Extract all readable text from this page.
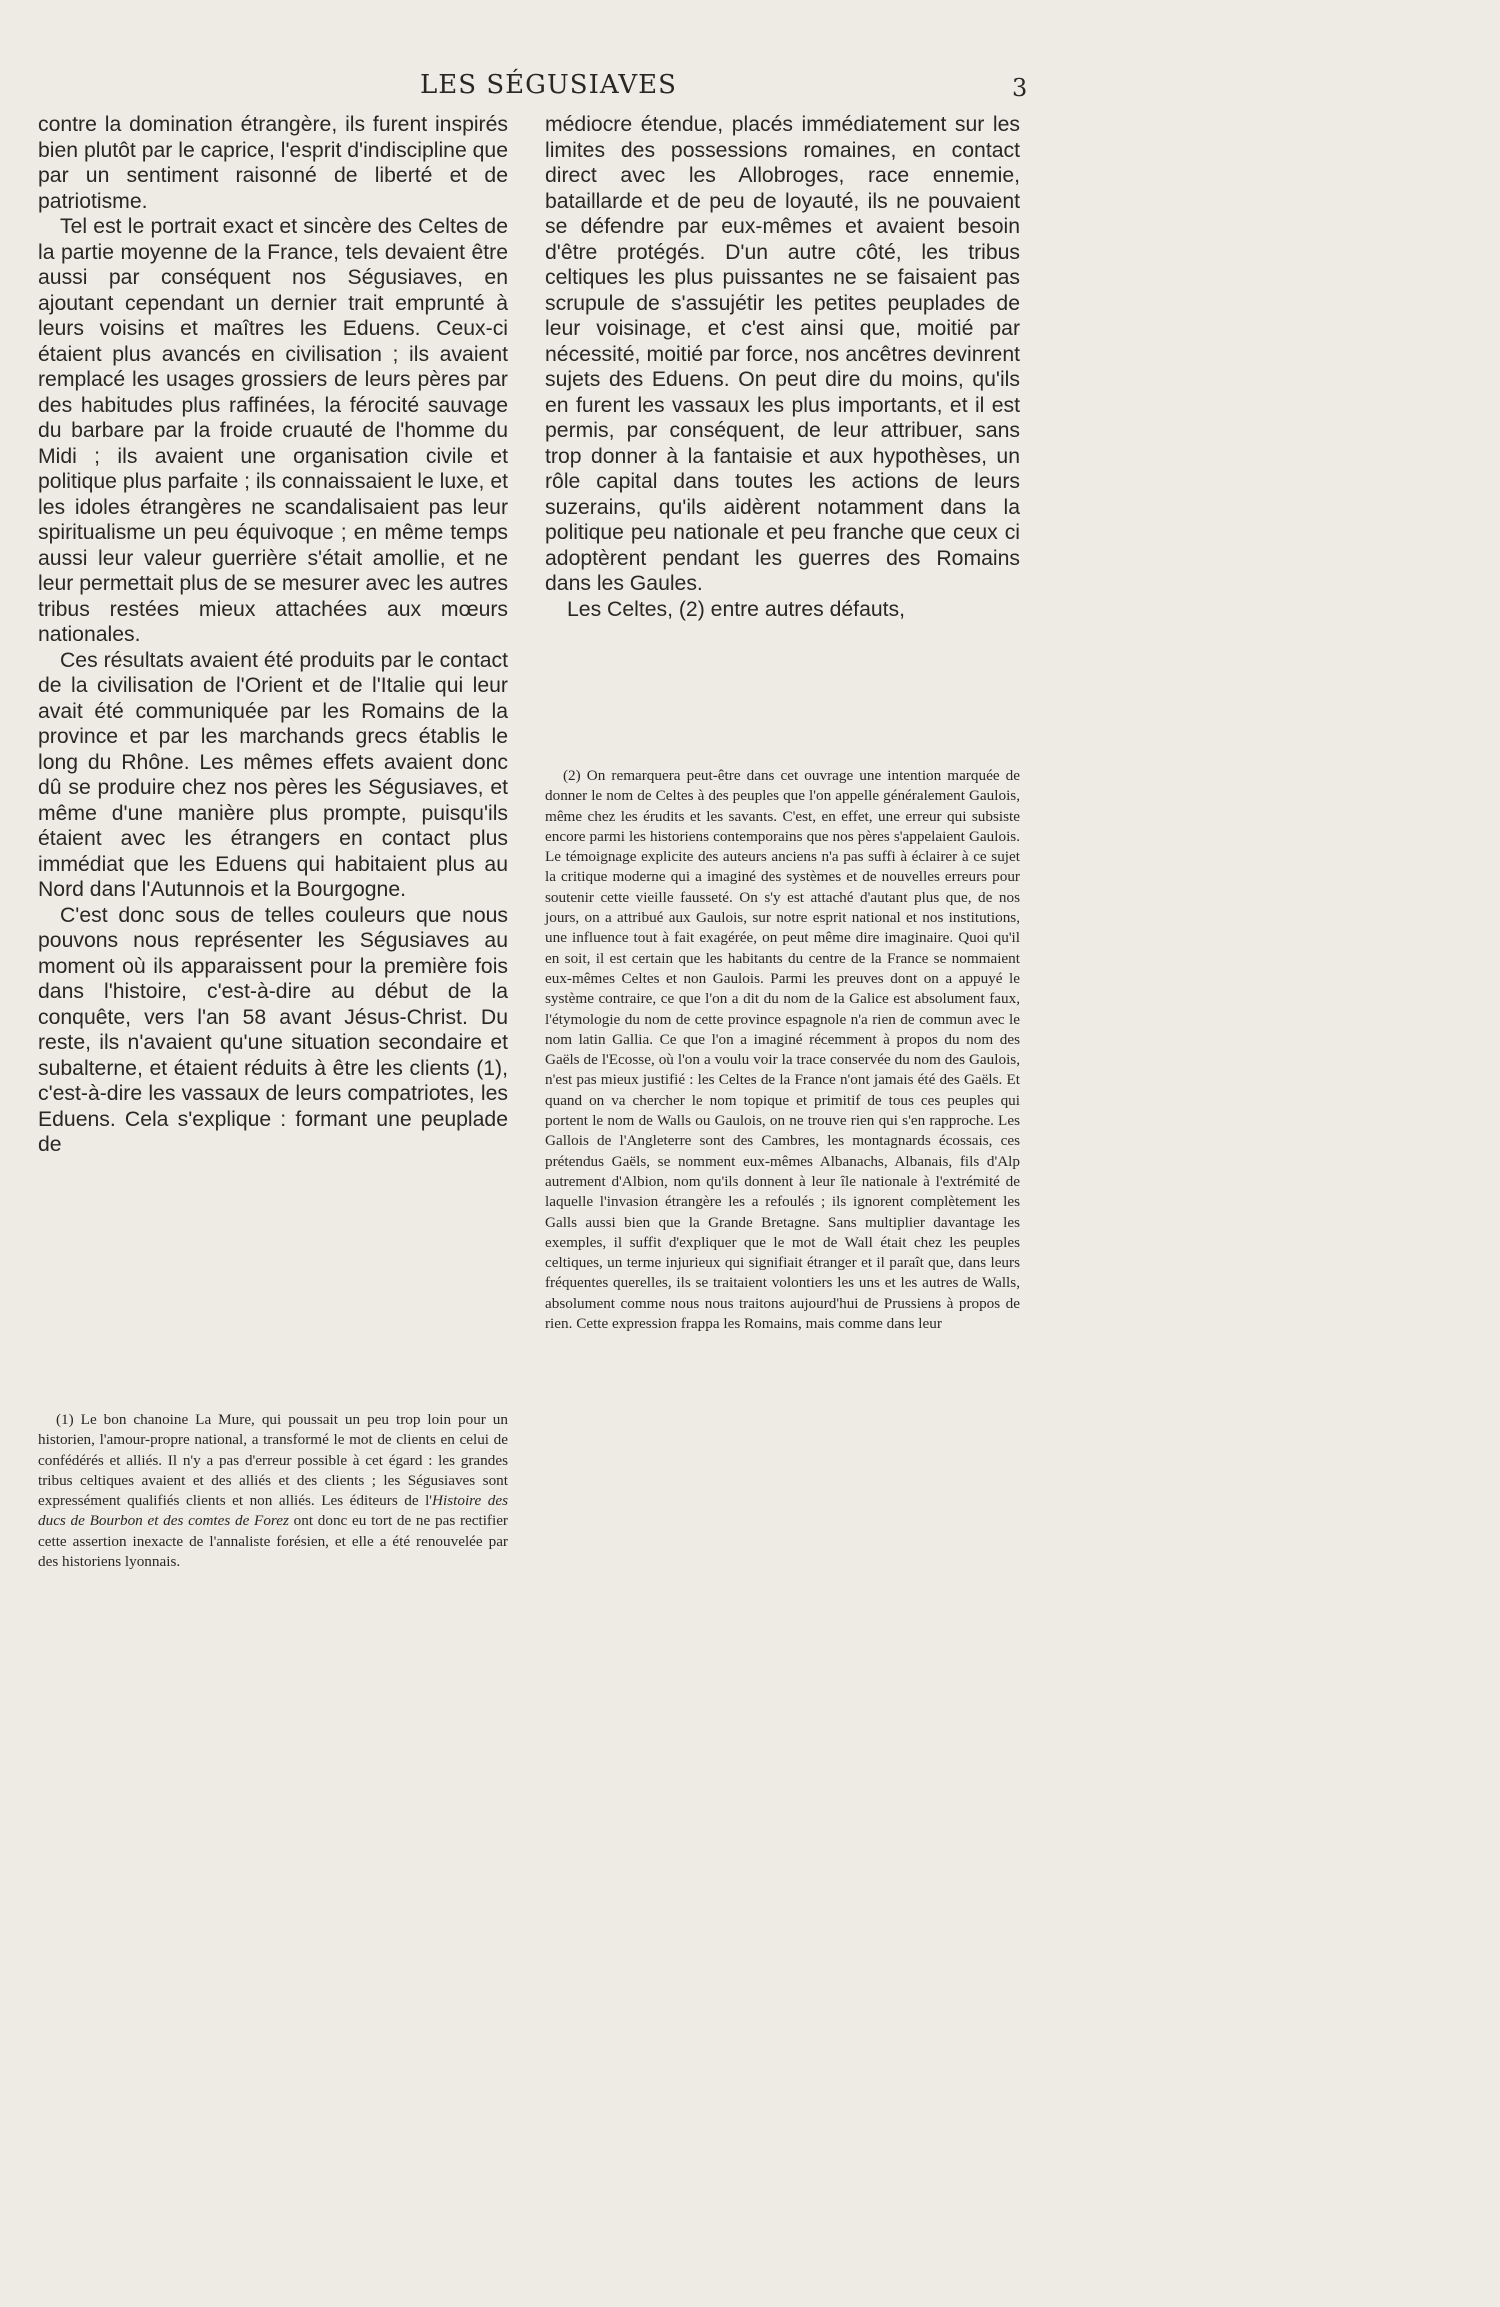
LES SÉGUSIAVES	3

contre la domination étrangère, ils furent inspirés bien plutôt par le caprice, l'esprit d'indiscipline que par un sentiment raisonné de liberté et de patriotisme.

Tel est le portrait exact et sincère des Celtes de la partie moyenne de la France, tels devaient être aussi par conséquent nos Ségusiaves, en ajoutant cependant un dernier trait emprunté à leurs voisins et maîtres les Eduens. Ceux-ci étaient plus avancés en civilisation ; ils avaient remplacé les usages grossiers de leurs pères par des habitudes plus raffinées, la férocité sauvage du barbare par la froide cruauté de l'homme du Midi ; ils avaient une organisation civile et politique plus parfaite ; ils connaissaient le luxe, et les idoles étrangères ne scandalisaient pas leur spiritualisme un peu équivoque ; en même temps aussi leur valeur guerrière s'était amollie, et ne leur permettait plus de se mesurer avec les autres tribus restées mieux attachées aux mœurs nationales.

Ces résultats avaient été produits par le contact de la civilisation de l'Orient et de l'Italie qui leur avait été communiquée par les Romains de la province et par les marchands grecs établis le long du Rhône. Les mêmes effets avaient donc dû se produire chez nos pères les Ségusiaves, et même d'une manière plus prompte, puisqu'ils étaient avec les étrangers en contact plus immédiat que les Eduens qui habitaient plus au Nord dans l'Autunnois et la Bourgogne.

C'est donc sous de telles couleurs que nous pouvons nous représenter les Ségusiaves au moment où ils apparaissent pour la première fois dans l'histoire, c'est-à-dire au début de la conquête, vers l'an 58 avant Jésus-Christ. Du reste, ils n'avaient qu'une situation secondaire et subalterne, et étaient réduits à être les clients (1), c'est-à-dire les vassaux de leurs compatriotes, les Eduens. Cela s'explique : formant une peuplade de

médiocre étendue, placés immédiatement sur les limites des possessions romaines, en contact direct avec les Allobroges, race ennemie, bataillarde et de peu de loyauté, ils ne pouvaient se défendre par eux-mêmes et avaient besoin d'être protégés. D'un autre côté, les tribus celtiques les plus puissantes ne se faisaient pas scrupule de s'assujétir les petites peuplades de leur voisinage, et c'est ainsi que, moitié par nécessité, moitié par force, nos ancêtres devinrent sujets des Eduens. On peut dire du moins, qu'ils en furent les vassaux les plus importants, et il est permis, par conséquent, de leur attribuer, sans trop donner à la fantaisie et aux hypothèses, un rôle capital dans toutes les actions de leurs suzerains, qu'ils aidèrent notamment dans la politique peu nationale et peu franche que ceux ci adoptèrent pendant les guerres des Romains dans les Gaules.

Les Celtes, (2) entre autres défauts,

(1) Le bon chanoine La Mure, qui poussait un peu trop loin pour un historien, l'amour-propre national, a transformé le mot de clients en celui de confédérés et alliés. Il n'y a pas d'erreur possible à cet égard : les grandes tribus celtiques avaient et des alliés et des clients ; les Ségusiaves sont expressément qualifiés clients et non alliés. Les éditeurs de l'Histoire des ducs de Bourbon et des comtes de Forez ont donc eu tort de ne pas rectifier cette assertion inexacte de l'annaliste forésien, et elle a été renouvelée par des historiens lyonnais.

(2) On remarquera peut-être dans cet ouvrage une intention marquée de donner le nom de Celtes à des peuples que l'on appelle généralement Gaulois, même chez les érudits et les savants. C'est, en effet, une erreur qui subsiste encore parmi les historiens contemporains que nos pères s'appelaient Gaulois. Le témoignage explicite des auteurs anciens n'a pas suffi à éclairer à ce sujet la critique moderne qui a imaginé des systèmes et de nouvelles erreurs pour soutenir cette vieille fausseté. On s'y est attaché d'autant plus que, de nos jours, on a attribué aux Gaulois, sur notre esprit national et nos institutions, une influence tout à fait exagérée, on peut même dire imaginaire. Quoi qu'il en soit, il est certain que les habitants du centre de la France se nommaient eux-mêmes Celtes et non Gaulois. Parmi les preuves dont on a appuyé le système contraire, ce que l'on a dit du nom de la Galice est absolument faux, l'étymologie du nom de cette province espagnole n'a rien de commun avec le nom latin Gallia. Ce que l'on a imaginé récemment à propos du nom des Gaëls de l'Ecosse, où l'on a voulu voir la trace conservée du nom des Gaulois, n'est pas mieux justifié : les Celtes de la France n'ont jamais été des Gaëls. Et quand on va chercher le nom topique et primitif de tous ces peuples qui portent le nom de Walls ou Gaulois, on ne trouve rien qui s'en rapproche. Les Gallois de l'Angleterre sont des Cambres, les montagnards écossais, ces prétendus Gaëls, se nomment eux-mêmes Albanachs, Albanais, fils d'Alp autrement d'Albion, nom qu'ils donnent à leur île nationale à l'extrémité de laquelle l'invasion étrangère les a refoulés ; ils ignorent complètement les Galls aussi bien que la Grande Bretagne. Sans multiplier davantage les exemples, il suffit d'expliquer que le mot de Wall était chez les peuples celtiques, un terme injurieux qui signifiait étranger et il paraît que, dans leurs fréquentes querelles, ils se traitaient volontiers les uns et les autres de Walls, absolument comme nous nous traitons aujourd'hui de Prussiens à propos de rien. Cette expression frappa les Romains, mais comme dans leur
